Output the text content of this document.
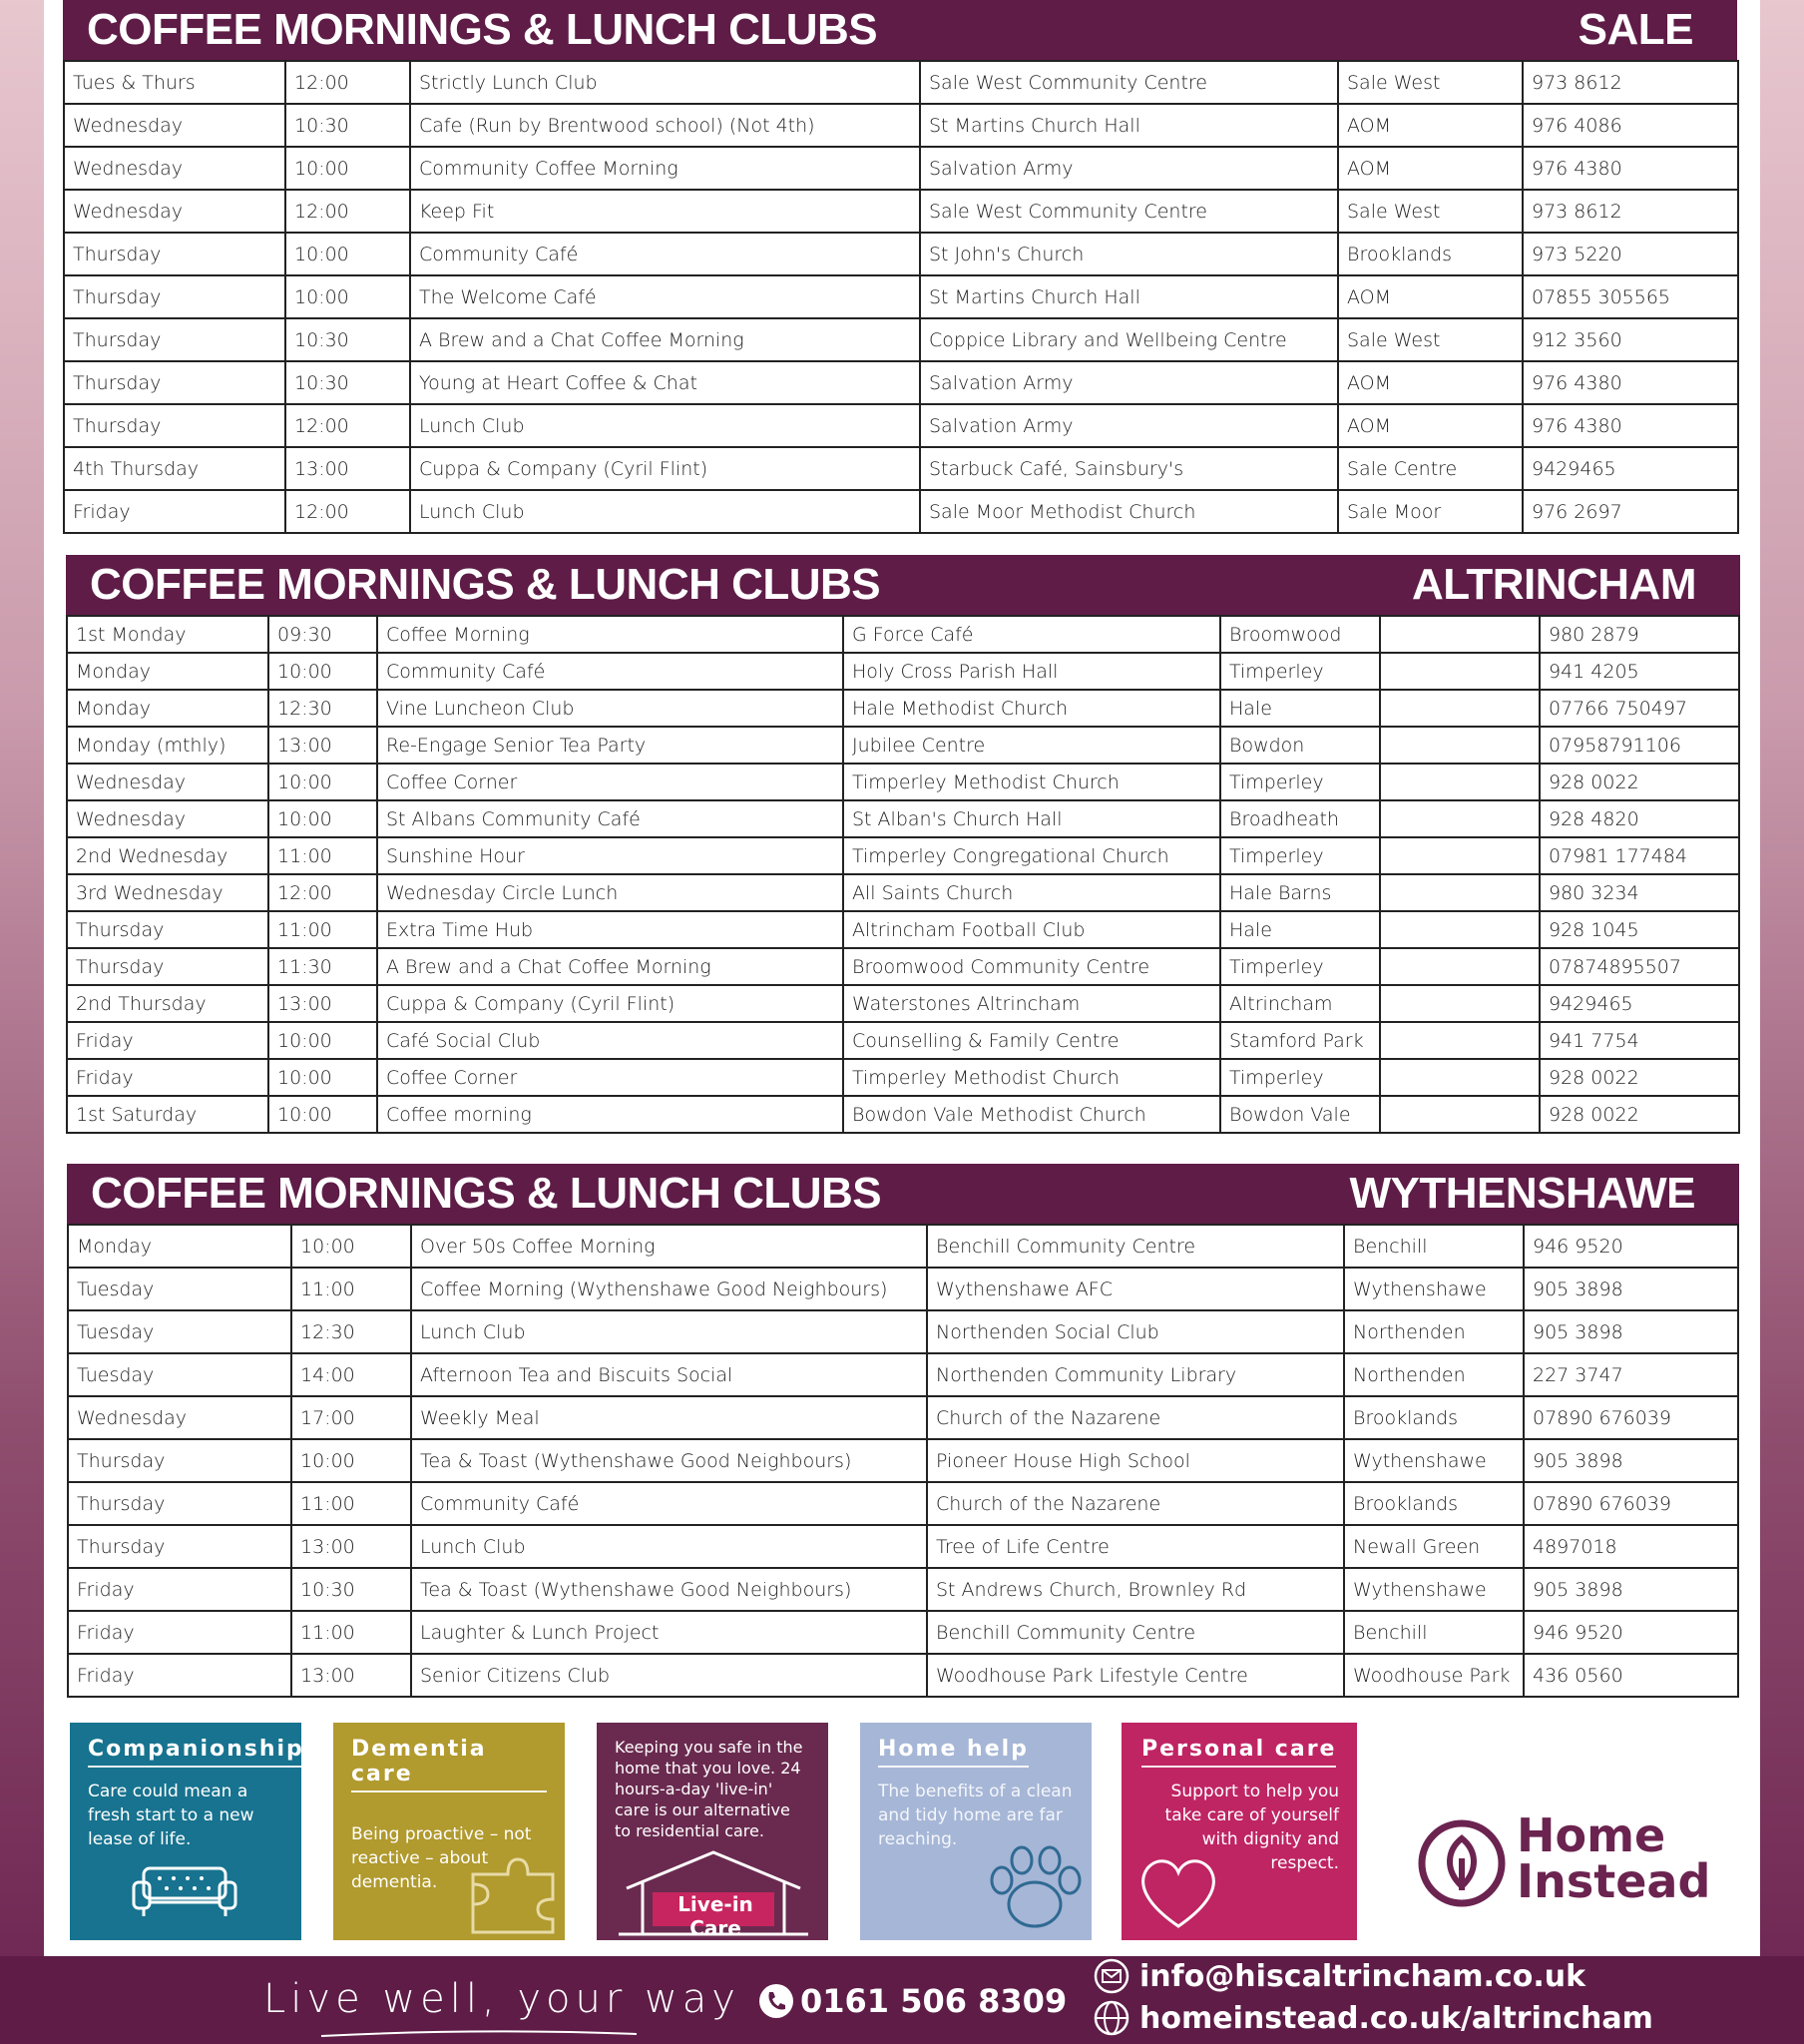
COFFEE MORNINGS & LUNCH CLUBS	SALE
Tues & Thurs	12:00	Strictly Lunch Club	Sale West Community Centre	Sale West	973 8612
Wednesday	10:30	Cafe (Run by Brentwood school) (Not 4th)	St Martins Church Hall	AOM	976 4086
Wednesday	10:00	Community Coffee Morning	Salvation Army	AOM	976 4380
Wednesday	12:00	Keep Fit	Sale West Community Centre	Sale West	973 8612
Thursday	10:00	Community Café	St John's Church	Brooklands	973 5220
Thursday	10:00	The Welcome Café	St Martins Church Hall	AOM	07855 305565
Thursday	10:30	A Brew and a Chat Coffee Morning	Coppice Library and Wellbeing Centre	Sale West	912 3560
Thursday	10:30	Young at Heart Coffee & Chat	Salvation Army	AOM	976 4380
Thursday	12:00	Lunch Club	Salvation Army	AOM	976 4380
4th Thursday	13:00	Cuppa & Company (Cyril Flint)	Starbuck Café, Sainsbury's	Sale Centre	9429465
Friday	12:00	Lunch Club	Sale Moor Methodist Church	Sale Moor	976 2697
COFFEE MORNINGS & LUNCH CLUBS	ALTRINCHAM
1st Monday	09:30	Coffee Morning	G Force Café	Broomwood		980 2879
Monday	10:00	Community Café	Holy Cross Parish Hall	Timperley		941 4205
Monday	12:30	Vine Luncheon Club	Hale Methodist Church	Hale		07766 750497
Monday (mthly)	13:00	Re-Engage Senior Tea Party	Jubilee Centre	Bowdon		07958791106
Wednesday	10:00	Coffee Corner	Timperley Methodist Church	Timperley		928 0022
Wednesday	10:00	St Albans Community Café	St Alban's Church Hall	Broadheath		928 4820
2nd Wednesday	11:00	Sunshine Hour	Timperley Congregational Church	Timperley		07981 177484
3rd Wednesday	12:00	Wednesday Circle Lunch	All Saints Church	Hale Barns		980 3234
Thursday	11:00	Extra Time Hub	Altrincham Football Club	Hale		928 1045
Thursday	11:30	A Brew and a Chat Coffee Morning	Broomwood Community Centre	Timperley		07874895507
2nd Thursday	13:00	Cuppa & Company (Cyril Flint)	Waterstones Altrincham	Altrincham		9429465
Friday	10:00	Café Social Club	Counselling & Family Centre	Stamford Park		941 7754
Friday	10:00	Coffee Corner	Timperley Methodist Church	Timperley		928 0022
1st Saturday	10:00	Coffee morning	Bowdon Vale Methodist Church	Bowdon Vale		928 0022
COFFEE MORNINGS & LUNCH CLUBS	WYTHENSHAWE
Monday	10:00	Over 50s Coffee Morning	Benchill Community Centre	Benchill	946 9520
Tuesday	11:00	Coffee Morning (Wythenshawe Good Neighbours)	Wythenshawe AFC	Wythenshawe	905 3898
Tuesday	12:30	Lunch Club	Northenden Social Club	Northenden	905 3898
Tuesday	14:00	Afternoon Tea and Biscuits Social	Northenden Community Library	Northenden	227 3747
Wednesday	17:00	Weekly Meal	Church of the Nazarene	Brooklands	07890 676039
Thursday	10:00	Tea & Toast (Wythenshawe Good Neighbours)	Pioneer House High School	Wythenshawe	905 3898
Thursday	11:00	Community Café	Church of the Nazarene	Brooklands	07890 676039
Thursday	13:00	Lunch Club	Tree of Life Centre	Newall Green	4897018
Friday	10:30	Tea & Toast (Wythenshawe Good Neighbours)	St Andrews Church, Brownley Rd	Wythenshawe	905 3898
Friday	11:00	Laughter & Lunch Project	Benchill Community Centre	Benchill	946 9520
Friday	13:00	Senior Citizens Club	Woodhouse Park Lifestyle Centre	Woodhouse Park	436 0560
Companionship
Care could mean a fresh start to a new lease of life.
Dementia care
Being proactive – not reactive – about dementia.
Keeping you safe in the home that you love. 24 hours-a-day 'live-in' care is our alternative to residential care.
Live-in Care
Home help
The benefits of a clean and tidy home are far reaching.
Personal care
Support to help you take care of yourself with dignity and respect.
Home
Instead
Live well, your way 0161 506 8309
info@hiscaltrincham.co.uk
homeinstead.co.uk/altrincham
